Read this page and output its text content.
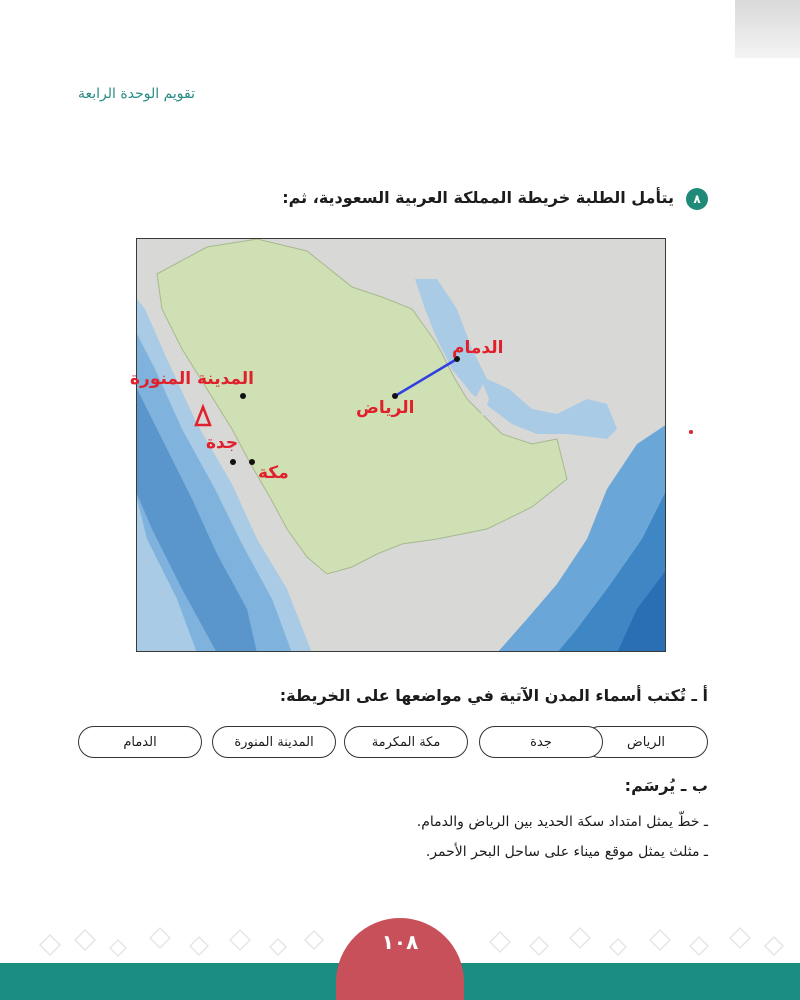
تقويم الوحدة الرابعة
٨
يتأمل الطلبة خريطة المملكة العربية السعودية، ثم:
الدمام
الرياض
المدينة المنورة
جدة
مكة
أ ـ تُكتب أسماء المدن الآتية في مواضعها على الخريطة:
الرياض
جدة
مكة المكرمة
المدينة المنورة
الدمام
ب ـ يُرسَم:
ـ خطّ يمثل امتداد سكة الحديد بين الرياض والدمام.
ـ مثلث يمثل موقع ميناء على ساحل البحر الأحمر.
١٠٨
